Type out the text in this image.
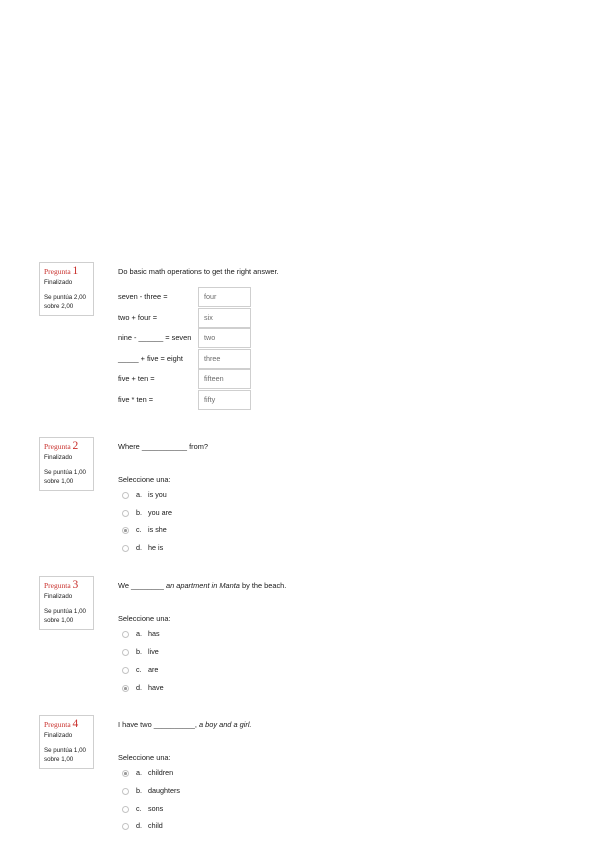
Pregunta 1
Finalizado
Se puntúa 2,00
sobre 2,00
Do basic math operations to get the right answer.
seven - three =	four
two + four =	six
nine - ______ = seven	two
_____ + five = eight	three
five + ten =	fifteen
five * ten =	fifty
Pregunta 2
Finalizado
Se puntúa 1,00
sobre 1,00
Where ___________ from?
Seleccione una:
a. is you
b. you are
c. is she
d. he is
Pregunta 3
Finalizado
Se puntúa 1,00
sobre 1,00
We ________ an apartment in Manta by the beach.
Seleccione una:
a. has
b. live
c. are
d. have
Pregunta 4
Finalizado
Se puntúa 1,00
sobre 1,00
I have two __________, a boy and a girl.
Seleccione una:
a. children
b. daughters
c. sons
d. child
